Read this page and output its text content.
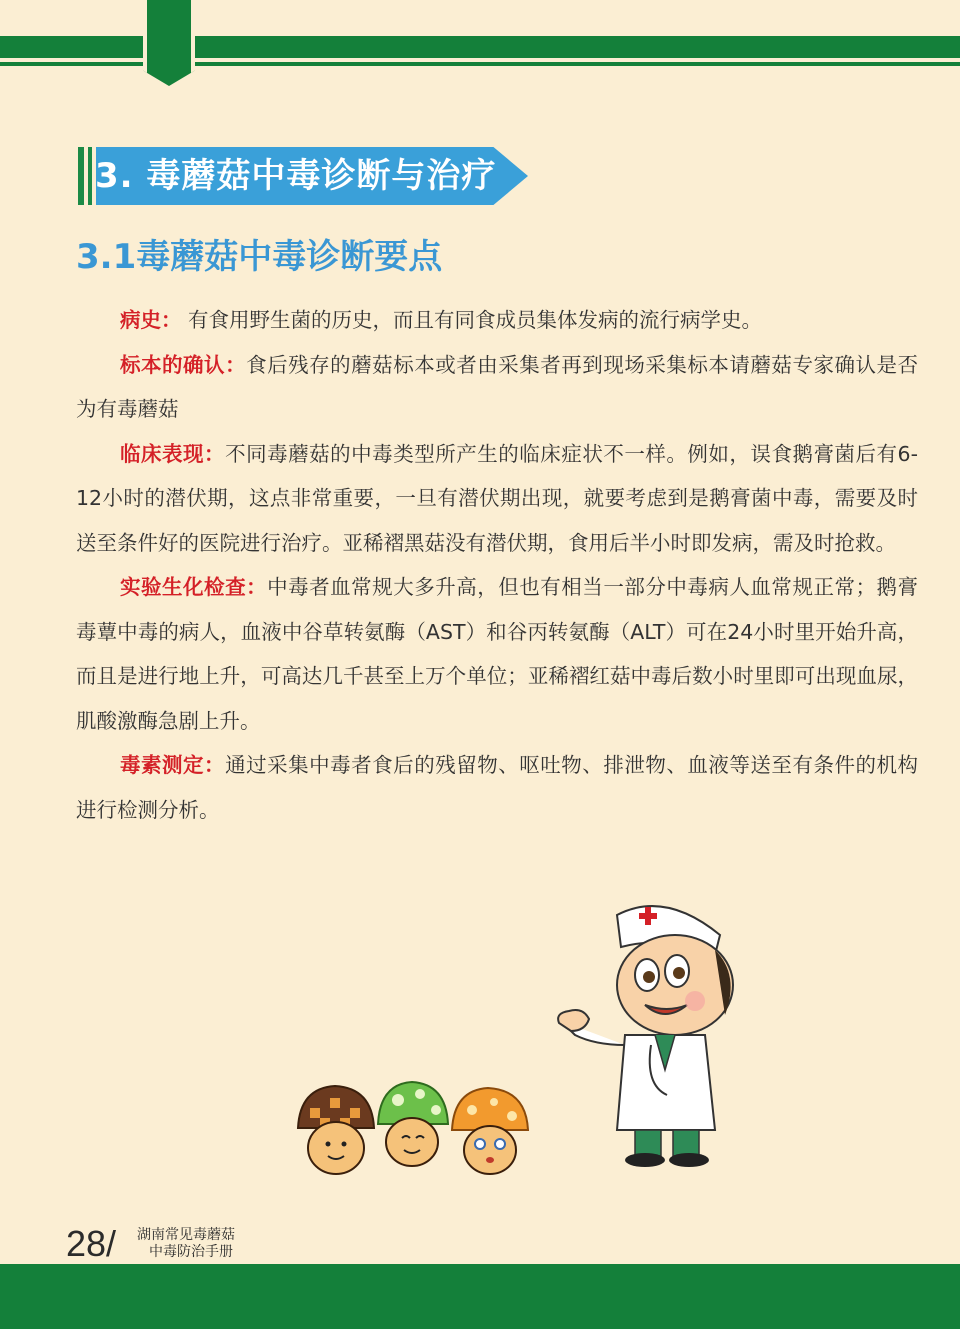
3. 毒蘑菇中毒诊断与治疗
3.1毒蘑菇中毒诊断要点

病史： 有食用野生菌的历史，而且有同食成员集体发病的流行病学史。

标本的确认：食后残存的蘑菇标本或者由采集者再到现场采集标本请蘑菇专家确认是否为有毒蘑菇

临床表现：不同毒蘑菇的中毒类型所产生的临床症状不一样。例如，误食鹅膏菌后有6-12小时的潜伏期，这点非常重要，一旦有潜伏期出现，就要考虑到是鹅膏菌中毒，需要及时送至条件好的医院进行治疗。亚稀褶黑菇没有潜伏期，食用后半小时即发病，需及时抢救。

实验生化检查：中毒者血常规大多升高，但也有相当一部分中毒病人血常规正常；鹅膏毒蕈中毒的病人，血液中谷草转氨酶（AST）和谷丙转氨酶（ALT）可在24小时里开始升高，而且是进行地上升，可高达几千甚至上万个单位；亚稀褶红菇中毒后数小时里即可出现血尿，肌酸激酶急剧上升。

毒素测定：通过采集中毒者食后的残留物、呕吐物、排泄物、血液等送至有条件的机构进行检测分析。

28/ 湖南常见毒蘑菇
中毒防治手册
